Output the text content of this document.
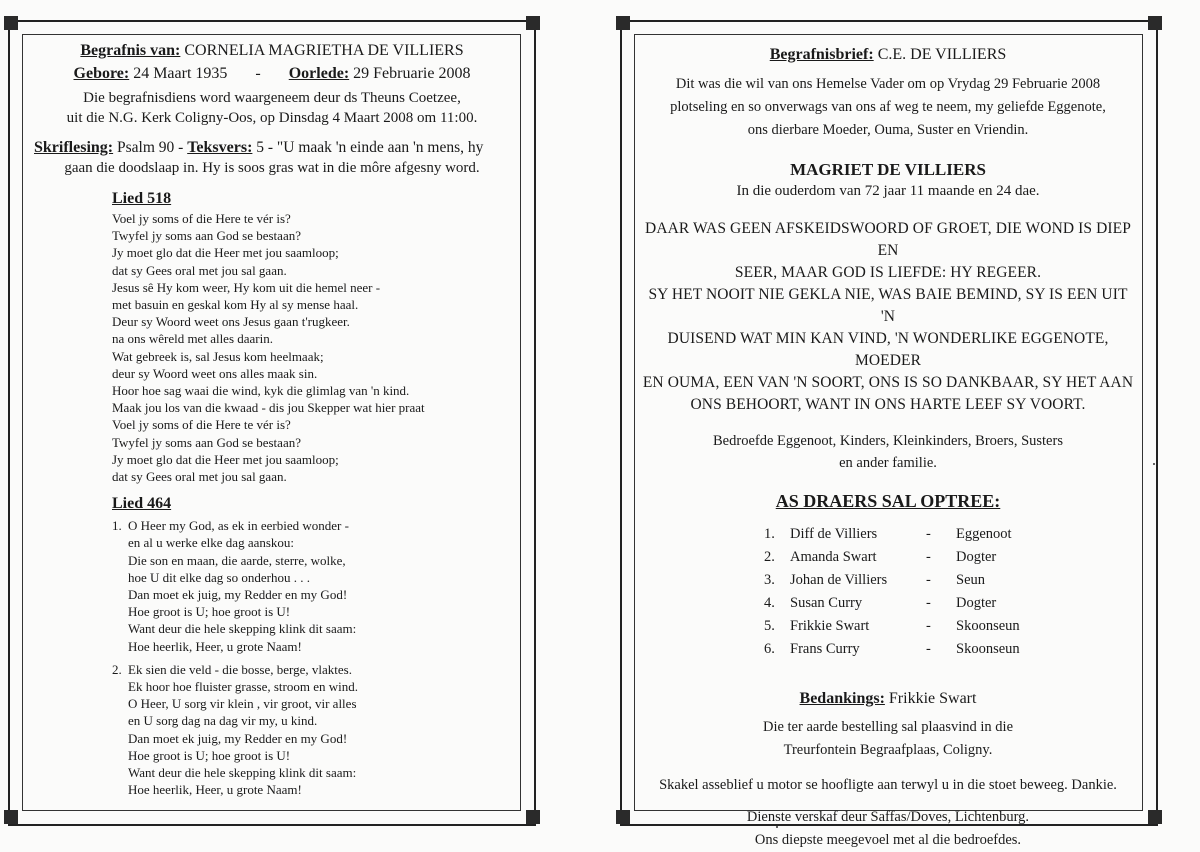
Begrafnis van: CORNELIA MAGRIETHA DE VILLIERS
Gebore: 24 Maart 1935 - Oorlede: 29 Februarie 2008
Die begrafnisdiens word waargeneem deur ds Theuns Coetzee,
uit die N.G. Kerk Coligny-Oos, op Dinsdag 4 Maart 2008 om 11:00.
Skriflesing: Psalm 90 - Teksvers: 5 - "U maak 'n einde aan 'n mens, hy
gaan die doodslaap in. Hy is soos gras wat in die môre afgesny word.
Lied 518
Voel jy soms of die Here te vér is?
Twyfel jy soms aan God se bestaan?
Jy moet glo dat die Heer met jou saamloop;
dat sy Gees oral met jou sal gaan.
Jesus sê Hy kom weer, Hy kom uit die hemel neer -
met basuin en geskal kom Hy al sy mense haal.
Deur sy Woord weet ons Jesus gaan t'rugkeer.
na ons wêreld met alles daarin.
Wat gebreek is, sal Jesus kom heelmaak;
deur sy Woord weet ons alles maak sin.
Hoor hoe sag waai die wind, kyk die glimlag van 'n kind.
Maak jou los van die kwaad - dis jou Skepper wat hier praat
Voel jy soms of die Here te vér is?
Twyfel jy soms aan God se bestaan?
Jy moet glo dat die Heer met jou saamloop;
dat sy Gees oral met jou sal gaan.
Lied 464
1. O Heer my God, as ek in eerbied wonder -
en al u werke elke dag aanskou:
Die son en maan, die aarde, sterre, wolke,
hoe U dit elke dag so onderhou . . .
Dan moet ek juig, my Redder en my God!
Hoe groot is U; hoe groot is U!
Want deur die hele skepping klink dit saam:
Hoe heerlik, Heer, u grote Naam!
2. Ek sien die veld - die bosse, berge, vlaktes.
Ek hoor hoe fluister grasse, stroom en wind.
O Heer, U sorg vir klein , vir groot, vir alles
en U sorg dag na dag vir my, u kind.
Dan moet ek juig, my Redder en my God!
Hoe groot is U; hoe groot is U!
Want deur die hele skepping klink dit saam:
Hoe heerlik, Heer, u grote Naam!
Begrafnisbrief: C.E. DE VILLIERS
Dit was die wil van ons Hemelse Vader om op Vrydag 29 Februarie 2008
plotseling en so onverwags van ons af weg te neem, my geliefde Eggenote,
ons dierbare Moeder, Ouma, Suster en Vriendin.
MAGRIET DE VILLIERS
In die ouderdom van 72 jaar 11 maande en 24 dae.
DAAR WAS GEEN AFSKEIDSWOORD OF GROET, DIE WOND IS DIEP EN
SEER, MAAR GOD IS LIEFDE: HY REGEER.
SY HET NOOIT NIE GEKLA NIE, WAS BAIE BEMIND, SY IS EEN UIT 'N
DUISEND WAT MIN KAN VIND, 'N WONDERLIKE EGGENOTE, MOEDER
EN OUMA, EEN VAN 'N SOORT, ONS IS SO DANKBAAR, SY HET AAN
ONS BEHOORT, WANT IN ONS HARTE LEEF SY VOORT.
Bedroefde Eggenoot, Kinders, Kleinkinders, Broers, Susters
en ander familie.
AS DRAERS SAL OPTREE:
1.	Diff de Villiers	-	Eggenoot
2.	Amanda Swart	-	Dogter
3.	Johan de Villiers	-	Seun
4.	Susan Curry	-	Dogter
5.	Frikkie Swart	-	Skoonseun
6.	Frans Curry	-	Skoonseun
Bedankings: Frikkie Swart
Die ter aarde bestelling sal plaasvind in die
Treurfontein Begraafplaas, Coligny.
Skakel asseblief u motor se hoofligte aan terwyl u in die stoet beweeg. Dankie.
Dienste verskaf deur Saffas/Doves, Lichtenburg.
Ons diepste meegevoel met al die bedroefdes.
